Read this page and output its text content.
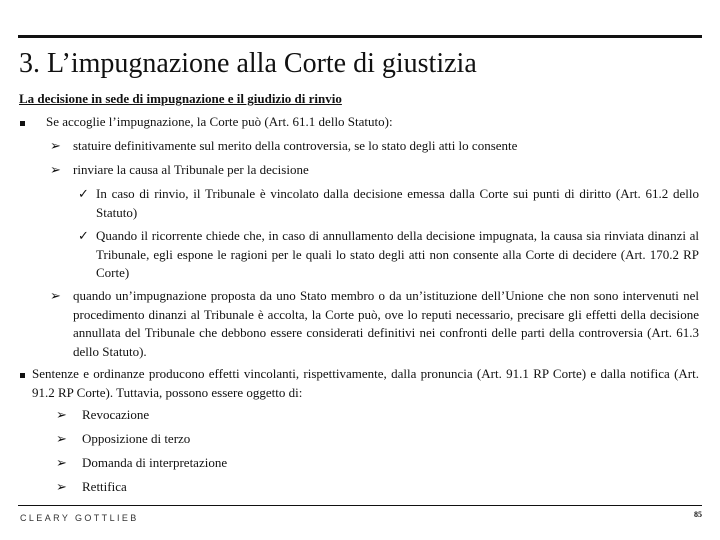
3. L’impugnazione alla Corte di giustizia
La decisione in sede di impugnazione e il giudizio di rinvio
Se accoglie l’impugnazione, la Corte può (Art. 61.1 dello Statuto):
➢ statuire definitivamente sul merito della controversia, se lo stato degli atti lo consente
➢ rinviare la causa al Tribunale per la decisione
✓ In caso di rinvio, il Tribunale è vincolato dalla decisione emessa dalla Corte sui punti di diritto (Art. 61.2 dello Statuto)
✓ Quando il ricorrente chiede che, in caso di annullamento della decisione impugnata, la causa sia rinviata dinanzi al Tribunale, egli espone le ragioni per le quali lo stato degli atti non consente alla Corte di decidere (Art. 170.2 RP Corte)
➢ quando un’impugnazione proposta da uno Stato membro o da un’istituzione dell’Unione che non sono intervenuti nel procedimento dinanzi al Tribunale è accolta, la Corte può, ove lo reputi necessario, precisare gli effetti della decisione annullata del Tribunale che debbono essere considerati definitivi nei confronti delle parti della controversia (Art. 61.3 dello Statuto).
Sentenze e ordinanze producono effetti vincolanti, rispettivamente, dalla pronuncia (Art. 91.1 RP Corte) e dalla notifica (Art. 91.2 RP Corte). Tuttavia, possono essere oggetto di:
➢ Revocazione
➢ Opposizione di terzo
➢ Domanda di interpretazione
➢ Rettifica
CLEARY GOTTLIEB	85
